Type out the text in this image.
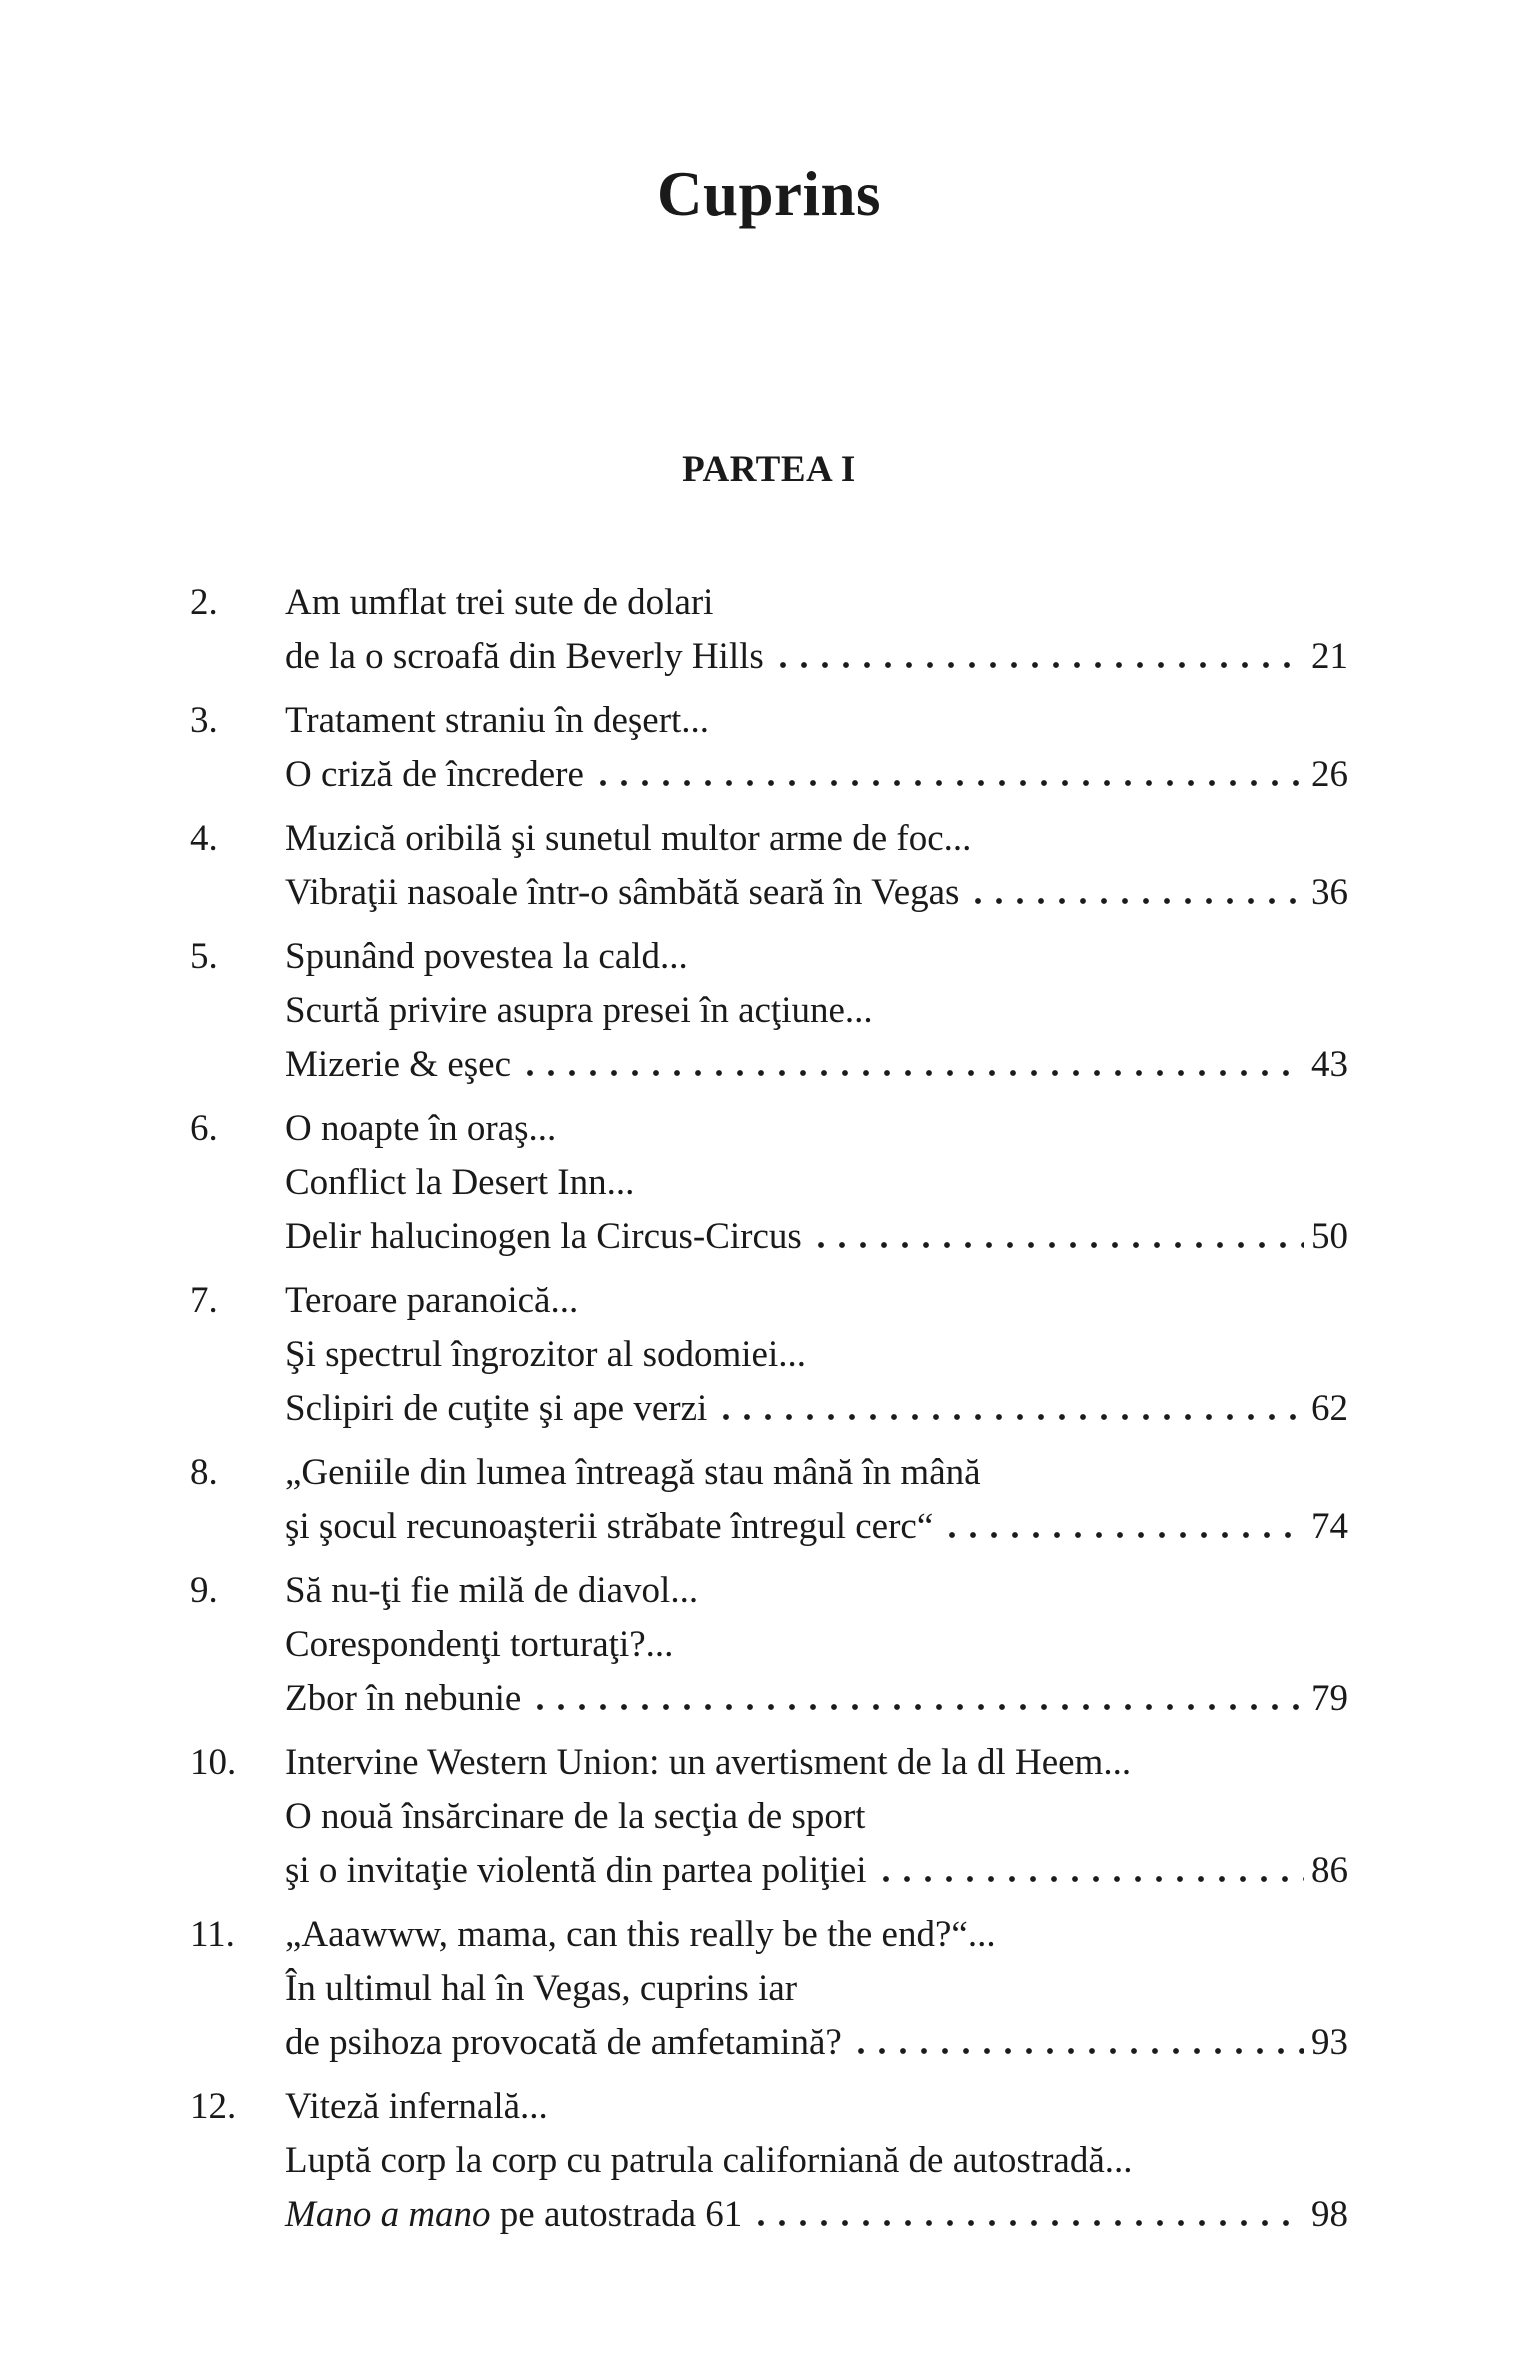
Cuprins
PARTEA I
2.	Am umflat trei sute de dolari
de la o scroafă din Beverly Hills	21
3.	Tratament straniu în deşert...
O criză de încredere	26
4.	Muzică oribilă şi sunetul multor arme de foc...
Vibraţii nasoale într-o sâmbătă seară în Vegas	36
5.	Spunând povestea la cald...
Scurtă privire asupra presei în acţiune...
Mizerie & eşec	43
6.	O noapte în oraş...
Conflict la Desert Inn...
Delir halucinogen la Circus-Circus	50
7.	Teroare paranoică...
Şi spectrul îngrozitor al sodomiei...
Sclipiri de cuţite şi ape verzi	62
8.	„Geniile din lumea întreagă stau mână în mână
şi şocul recunoaşterii străbate întregul cerc“	74
9.	Să nu-ţi fie milă de diavol...
Corespondenţi torturaţi?...
Zbor în nebunie	79
10.	Intervine Western Union: un avertisment de la dl Heem...
O nouă însărcinare de la secţia de sport
şi o invitaţie violentă din partea poliţiei	86
11.	„Aaawww, mama, can this really be the end?“...
În ultimul hal în Vegas, cuprins iar
de psihoza provocată de amfetamină?	93
12.	Viteză infernală...
Luptă corp la corp cu patrula californiană de autostradă...
Mano a mano pe autostrada 61	98
